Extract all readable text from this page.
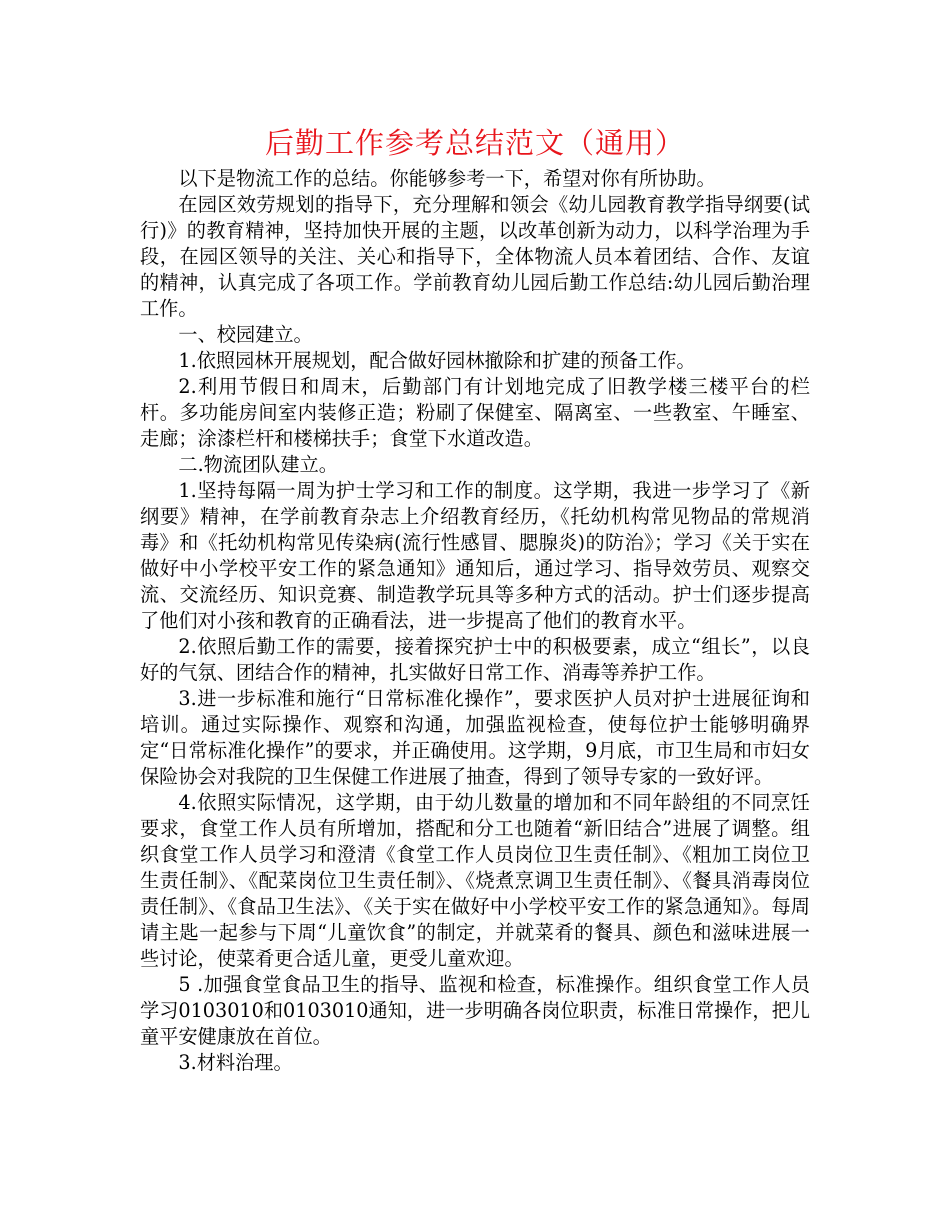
后勤工作参考总结范文（通用）

以下是物流工作的总结。你能够参考一下，希望对你有所协助。

在园区效劳规划的指导下，充分理解和领会《幼儿园教育教学指导纲要(试行)》的教育精神，坚持加快开展的主题，以改革创新为动力，以科学治理为手段，在园区领导的关注、关心和指导下，全体物流人员本着团结、合作、友谊的精神，认真完成了各项工作。学前教育幼儿园后勤工作总结:幼儿园后勤治理工作。

一、校园建立。

1.依照园林开展规划，配合做好园林撤除和扩建的预备工作。

2.利用节假日和周末，后勤部门有计划地完成了旧教学楼三楼平台的栏杆。多功能房间室内装修正造；粉刷了保健室、隔离室、一些教室、午睡室、走廊；涂漆栏杆和楼梯扶手；食堂下水道改造。

二.物流团队建立。

1.坚持每隔一周为护士学习和工作的制度。这学期，我进一步学习了《新纲要》精神，在学前教育杂志上介绍教育经历，《托幼机构常见物品的常规消毒》和《托幼机构常见传染病(流行性感冒、腮腺炎)的防治》；学习《关于实在做好中小学校平安工作的紧急通知》通知后，通过学习、指导效劳员、观察交流、交流经历、知识竞赛、制造教学玩具等多种方式的活动。护士们逐步提高了他们对小孩和教育的正确看法，进一步提高了他们的教育水平。

2.依照后勤工作的需要，接着探究护士中的积极要素，成立“组长”，以良好的气氛、团结合作的精神，扎实做好日常工作、消毒等养护工作。

3.进一步标准和施行“日常标准化操作”，要求医护人员对护士进展征询和培训。通过实际操作、观察和沟通，加强监视检查，使每位护士能够明确界定“日常标准化操作”的要求，并正确使用。这学期，9月底，市卫生局和市妇女保险协会对我院的卫生保健工作进展了抽查，得到了领导专家的一致好评。

4.依照实际情况，这学期，由于幼儿数量的增加和不同年龄组的不同烹饪要求，食堂工作人员有所增加，搭配和分工也随着“新旧结合”进展了调整。组织食堂工作人员学习和澄清《食堂工作人员岗位卫生责任制》、《粗加工岗位卫生责任制》、《配菜岗位卫生责任制》、《烧煮烹调卫生责任制》、《餐具消毒岗位责任制》、《食品卫生法》、《关于实在做好中小学校平安工作的紧急通知》。每周请主匙一起参与下周“儿童饮食”的制定，并就菜肴的餐具、颜色和滋味进展一些讨论，使菜肴更合适儿童，更受儿童欢迎。

5 .加强食堂食品卫生的指导、监视和检查，标准操作。组织食堂工作人员学习0103010和0103010通知，进一步明确各岗位职责，标准日常操作，把儿童平安健康放在首位。

3.材料治理。
